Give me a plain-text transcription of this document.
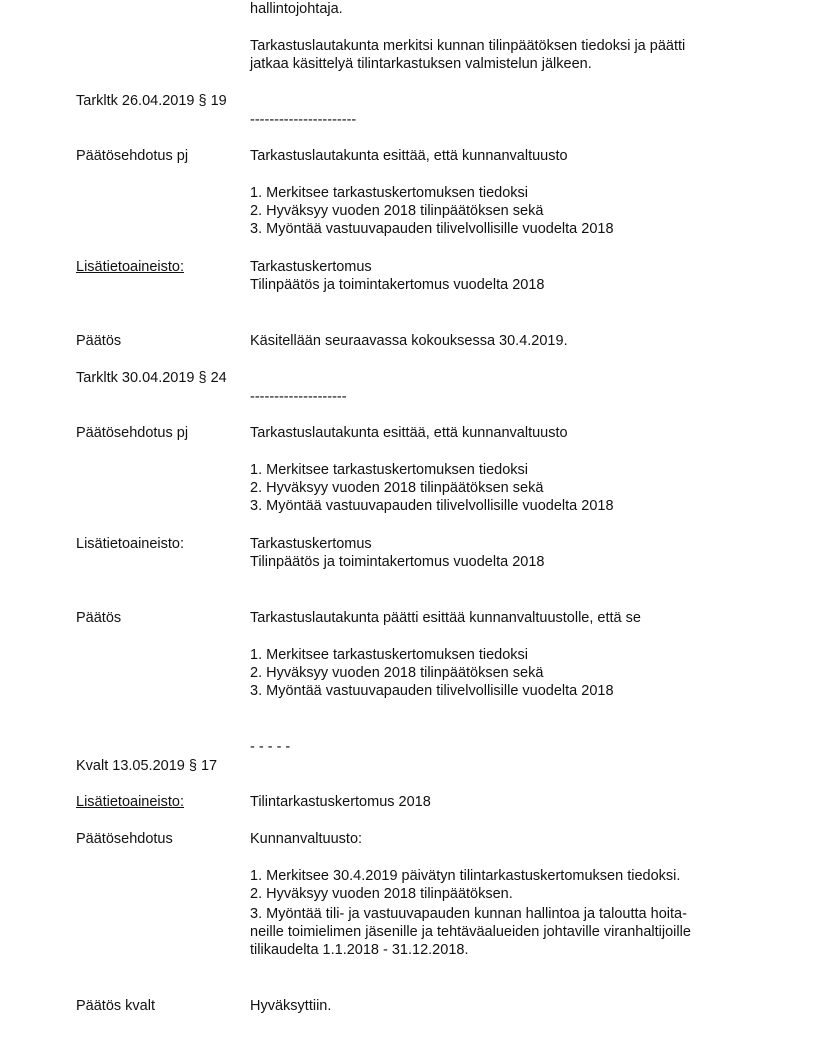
hallintojohtaja.
Tarkastuslautakunta merkitsi kunnan tilinpäätöksen tiedoksi ja päätti
jatkaa käsittelyä tilintarkastuksen valmistelun jälkeen.
Tarkltk 26.04.2019 § 19
----------------------
Päätösehdotus pj	Tarkastuslautakunta esittää, että kunnanvaltuusto
1. Merkitsee tarkastuskertomuksen tiedoksi
2. Hyväksyy vuoden 2018 tilinpäätöksen sekä
3. Myöntää vastuuvapauden tilivelvollisille vuodelta 2018
Lisätietoaineisto:	Tarkastuskertomus
Tilinpäätös ja toimintakertomus vuodelta 2018
Päätös	Käsitellään seuraavassa kokouksessa 30.4.2019.
Tarkltk 30.04.2019 § 24
--------------------
Päätösehdotus pj	Tarkastuslautakunta esittää, että kunnanvaltuusto
1. Merkitsee tarkastuskertomuksen tiedoksi
2. Hyväksyy vuoden 2018 tilinpäätöksen sekä
3. Myöntää vastuuvapauden tilivelvollisille vuodelta 2018
Lisätietoaineisto:	Tarkastuskertomus
Tilinpäätös ja toimintakertomus vuodelta 2018
Päätös	Tarkastuslautakunta päätti esittää kunnanvaltuustolle, että se
1. Merkitsee tarkastuskertomuksen tiedoksi
2. Hyväksyy vuoden 2018 tilinpäätöksen sekä
3. Myöntää vastuuvapauden tilivelvollisille vuodelta 2018
- - - - -
Kvalt 13.05.2019 § 17
Lisätietoaineisto:	Tilintarkastuskertomus 2018
Päätösehdotus	Kunnanvaltuusto:
1. Merkitsee 30.4.2019 päivätyn tilintarkastuskertomuksen tiedoksi.
2. Hyväksyy vuoden 2018 tilinpäätöksen.
3. Myöntää tili- ja vastuuvapauden kunnan hallintoa ja taloutta hoita-
neille toimielimen jäsenille ja tehtäväalueiden johtaville viranhaltijoille
tilikaudelta 1.1.2018 - 31.12.2018.
Päätös kvalt	Hyväksyttiin.
